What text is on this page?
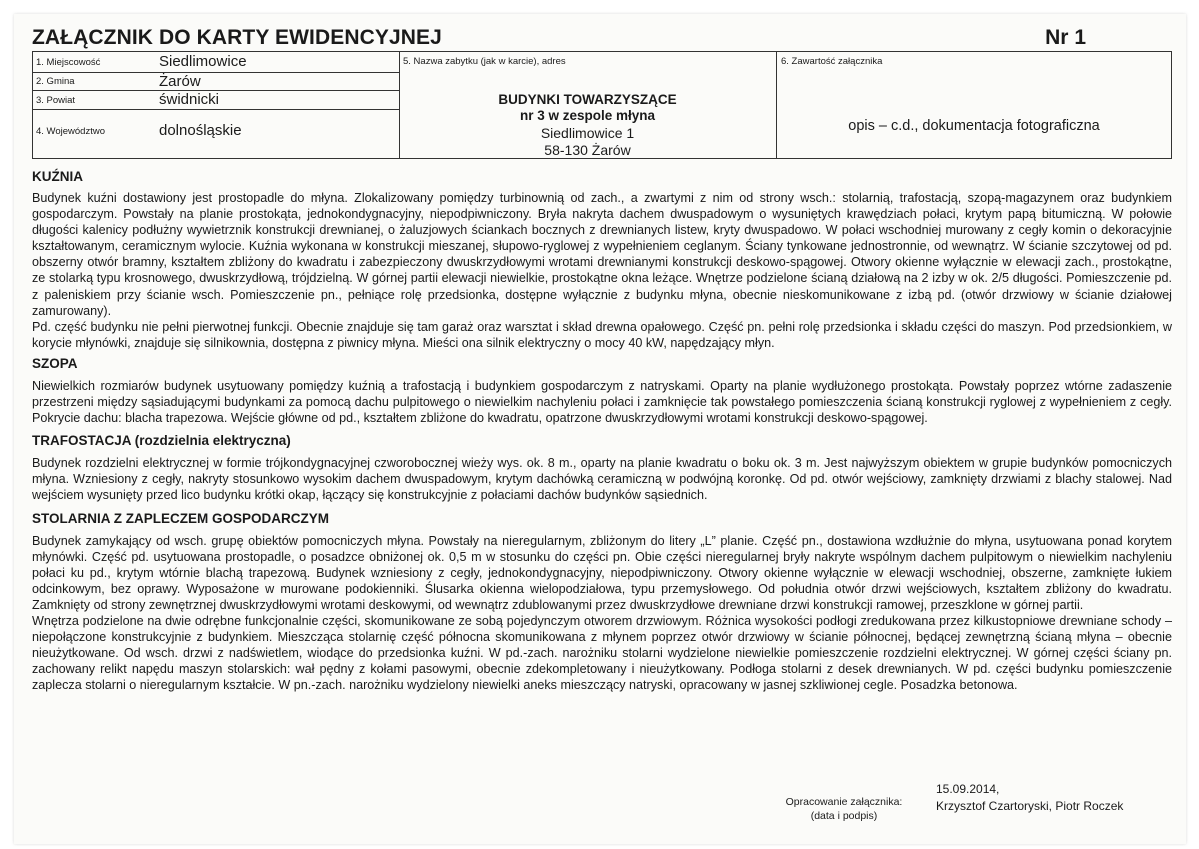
ZAŁĄCZNIK DO KARTY EWIDENCYJNEJ	Nr 1
1. Miejscowość	Siedlimowice
2. Gmina	Żarów
3. Powiat	świdnicki
4. Województwo	dolnośląskie
5. Nazwa zabytku (jak w karcie), adres
BUDYNKI TOWARZYSZĄCE
nr 3 w zespole młyna
Siedlimowice 1
58-130 Żarów
6. Zawartość załącznika
opis – c.d., dokumentacja fotograficzna
KUŹNIA
Budynek kuźni dostawiony jest prostopadle do młyna. Zlokalizowany pomiędzy turbinownią od zach., a zwartymi z nim od strony wsch.: stolarnią, trafostacją, szopą-magazynem oraz budynkiem gospodarczym. Powstały na planie prostokąta, jednokondygnacyjny, niepodpiwniczony. Bryła nakryta dachem dwuspadowym o wysuniętych krawędziach połaci, krytym papą bitumiczną. W połowie długości kalenicy podłużny wywietrznik konstrukcji drewnianej, o żaluzjowych ściankach bocznych z drewnianych listew, kryty dwuspadowo. W połaci wschodniej murowany z cegły komin o dekoracyjnie kształtowanym, ceramicznym wylocie. Kuźnia wykonana w konstrukcji mieszanej, słupowo-ryglowej z wypełnieniem ceglanym. Ściany tynkowane jednostronnie, od wewnątrz. W ścianie szczytowej od pd. obszerny otwór bramny, kształtem zbliżony do kwadratu i zabezpieczony dwuskrzydłowymi wrotami drewnianymi konstrukcji deskowo-spągowej. Otwory okienne wyłącznie w elewacji zach., prostokątne, ze stolarką typu krosnowego, dwuskrzydłową, trójdzielną. W górnej partii elewacji niewielkie, prostokątne okna leżące. Wnętrze podzielone ścianą działową na 2 izby w ok. 2/5 długości. Pomieszczenie pd. z paleniskiem przy ścianie wsch. Pomieszczenie pn., pełniące rolę przedsionka, dostępne wyłącznie z budynku młyna, obecnie nieskomunikowane z izbą pd. (otwór drzwiowy w ścianie działowej zamurowany).
Pd. część budynku nie pełni pierwotnej funkcji. Obecnie znajduje się tam garaż oraz warsztat i skład drewna opałowego. Część pn. pełni rolę przedsionka i składu części do maszyn. Pod przedsionkiem, w korycie młynówki, znajduje się silnikownia, dostępna z piwnicy młyna. Mieści ona silnik elektryczny o mocy 40 kW, napędzający młyn.
SZOPA
Niewielkich rozmiarów budynek usytuowany pomiędzy kuźnią a trafostacją i budynkiem gospodarczym z natryskami. Oparty na planie wydłużonego prostokąta. Powstały poprzez wtórne zadaszenie przestrzeni między sąsiadującymi budynkami za pomocą dachu pulpitowego o niewielkim nachyleniu połaci i zamknięcie tak powstałego pomieszczenia ścianą konstrukcji ryglowej z wypełnieniem z cegły. Pokrycie dachu: blacha trapezowa. Wejście główne od pd., kształtem zbliżone do kwadratu, opatrzone dwuskrzydłowymi wrotami konstrukcji deskowo-spągowej.
TRAFOSTACJA (rozdzielnia elektryczna)
Budynek rozdzielni elektrycznej w formie trójkondygnacyjnej czworobocznej wieży wys. ok. 8 m., oparty na planie kwadratu o boku ok. 3 m. Jest najwyższym obiektem w grupie budynków pomocniczych młyna. Wzniesiony z cegły, nakryty stosunkowo wysokim dachem dwuspadowym, krytym dachówką ceramiczną w podwójną koronkę. Od pd. otwór wejściowy, zamknięty drzwiami z blachy stalowej. Nad wejściem wysunięty przed lico budynku krótki okap, łączący się konstrukcyjnie z połaciami dachów budynków sąsiednich.
STOLARNIA Z ZAPLECZEM GOSPODARCZYM
Budynek zamykający od wsch. grupę obiektów pomocniczych młyna. Powstały na nieregularnym, zbliżonym do litery „L” planie. Część pn., dostawiona wzdłużnie do młyna, usytuowana ponad korytem młynówki. Część pd. usytuowana prostopadle, o posadzce obniżonej ok. 0,5 m w stosunku do części pn. Obie części nieregularnej bryły nakryte wspólnym dachem pulpitowym o niewielkim nachyleniu połaci ku pd., krytym wtórnie blachą trapezową. Budynek wzniesiony z cegły, jednokondygnacyjny, niepodpiwniczony. Otwory okienne wyłącznie w elewacji wschodniej, obszerne, zamknięte łukiem odcinkowym, bez oprawy. Wyposażone w murowane podokienniki. Ślusarka okienna wielopodziałowa, typu przemysłowego. Od południa otwór drzwi wejściowych, kształtem zbliżony do kwadratu. Zamknięty od strony zewnętrznej dwuskrzydłowymi wrotami deskowymi, od wewnątrz zdublowanymi przez dwuskrzydłowe drewniane drzwi konstrukcji ramowej, przeszklone w górnej partii.
Wnętrza podzielone na dwie odrębne funkcjonalnie części, skomunikowane ze sobą pojedynczym otworem drzwiowym. Różnica wysokości podłogi zredukowana przez kilkustopniowe drewniane schody – niepołączone konstrukcyjnie z budynkiem. Mieszcząca stolarnię część północna skomunikowana z młynem poprzez otwór drzwiowy w ścianie północnej, będącej zewnętrzną ścianą młyna – obecnie nieużytkowane. Od wsch. drzwi z nadświetlem, wiodące do przedsionka kuźni. W pd.-zach. narożniku stolarni wydzielone niewielkie pomieszczenie rozdzielni elektrycznej. W górnej części ściany pn. zachowany relikt napędu maszyn stolarskich: wał pędny z kołami pasowymi, obecnie zdekompletowany i nieużytkowany. Podłoga stolarni z desek drewnianych. W pd. części budynku pomieszczenie zaplecza stolarni o nieregularnym kształcie. W pn.-zach. narożniku wydzielony niewielki aneks mieszczący natryski, opracowany w jasnej szkliwionej cegle. Posadzka betonowa.
Opracowanie załącznika:
(data i podpis)
15.09.2014,
Krzysztof Czartoryski, Piotr Roczek
